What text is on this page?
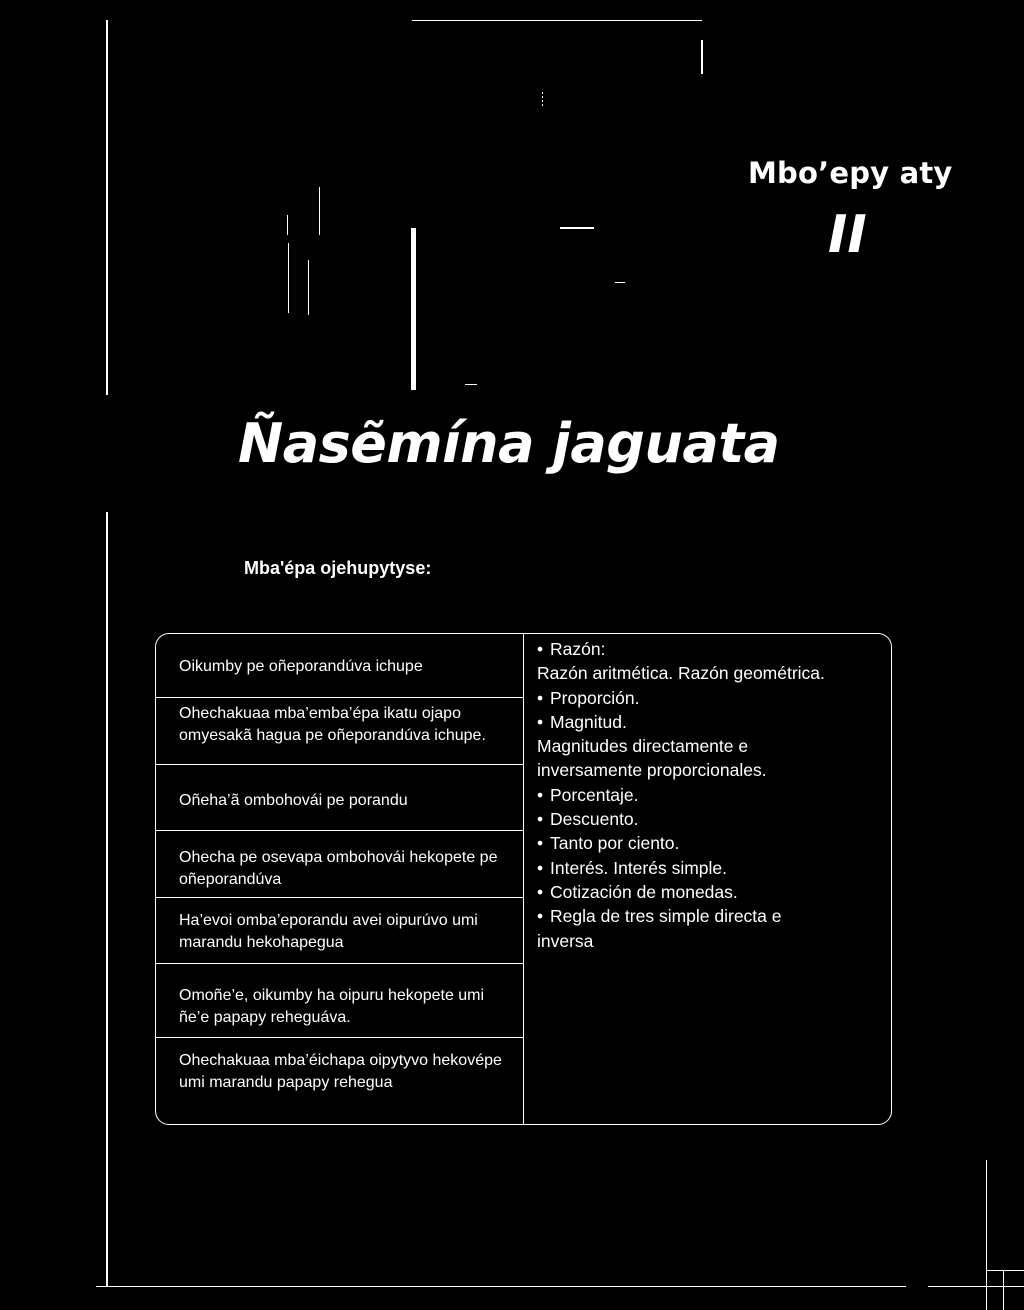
Mbo’epy aty
II
Ñasẽmína jaguata
Mba'épa ojehupytyse:
Oikumby pe oñeporandúva ichupe
Ohechakuaa mba’emba’épa ikatu ojapo omyesakã hagua pe oñeporandúva ichupe.
Oñeha’ã ombohovái pe porandu
Ohecha pe osevapa ombohovái hekopete pe oñeporandúva
Ha’evoi omba’eporandu avei oipurúvo umi marandu hekohapegua
Omoñe’e, oikumby ha oipuru hekopete umi ñe’e papapy reheguáva.
Ohechakuaa mba’éichapa oipytyvo hekovépe umi marandu papapy rehegua
• Razón:
Razón aritmética. Razón geométrica.
• Proporción.
• Magnitud.
Magnitudes directamente e
inversamente proporcionales.
• Porcentaje.
• Descuento.
• Tanto por ciento.
• Interés. Interés simple.
• Cotización de monedas.
• Regla de tres simple directa e
inversa
